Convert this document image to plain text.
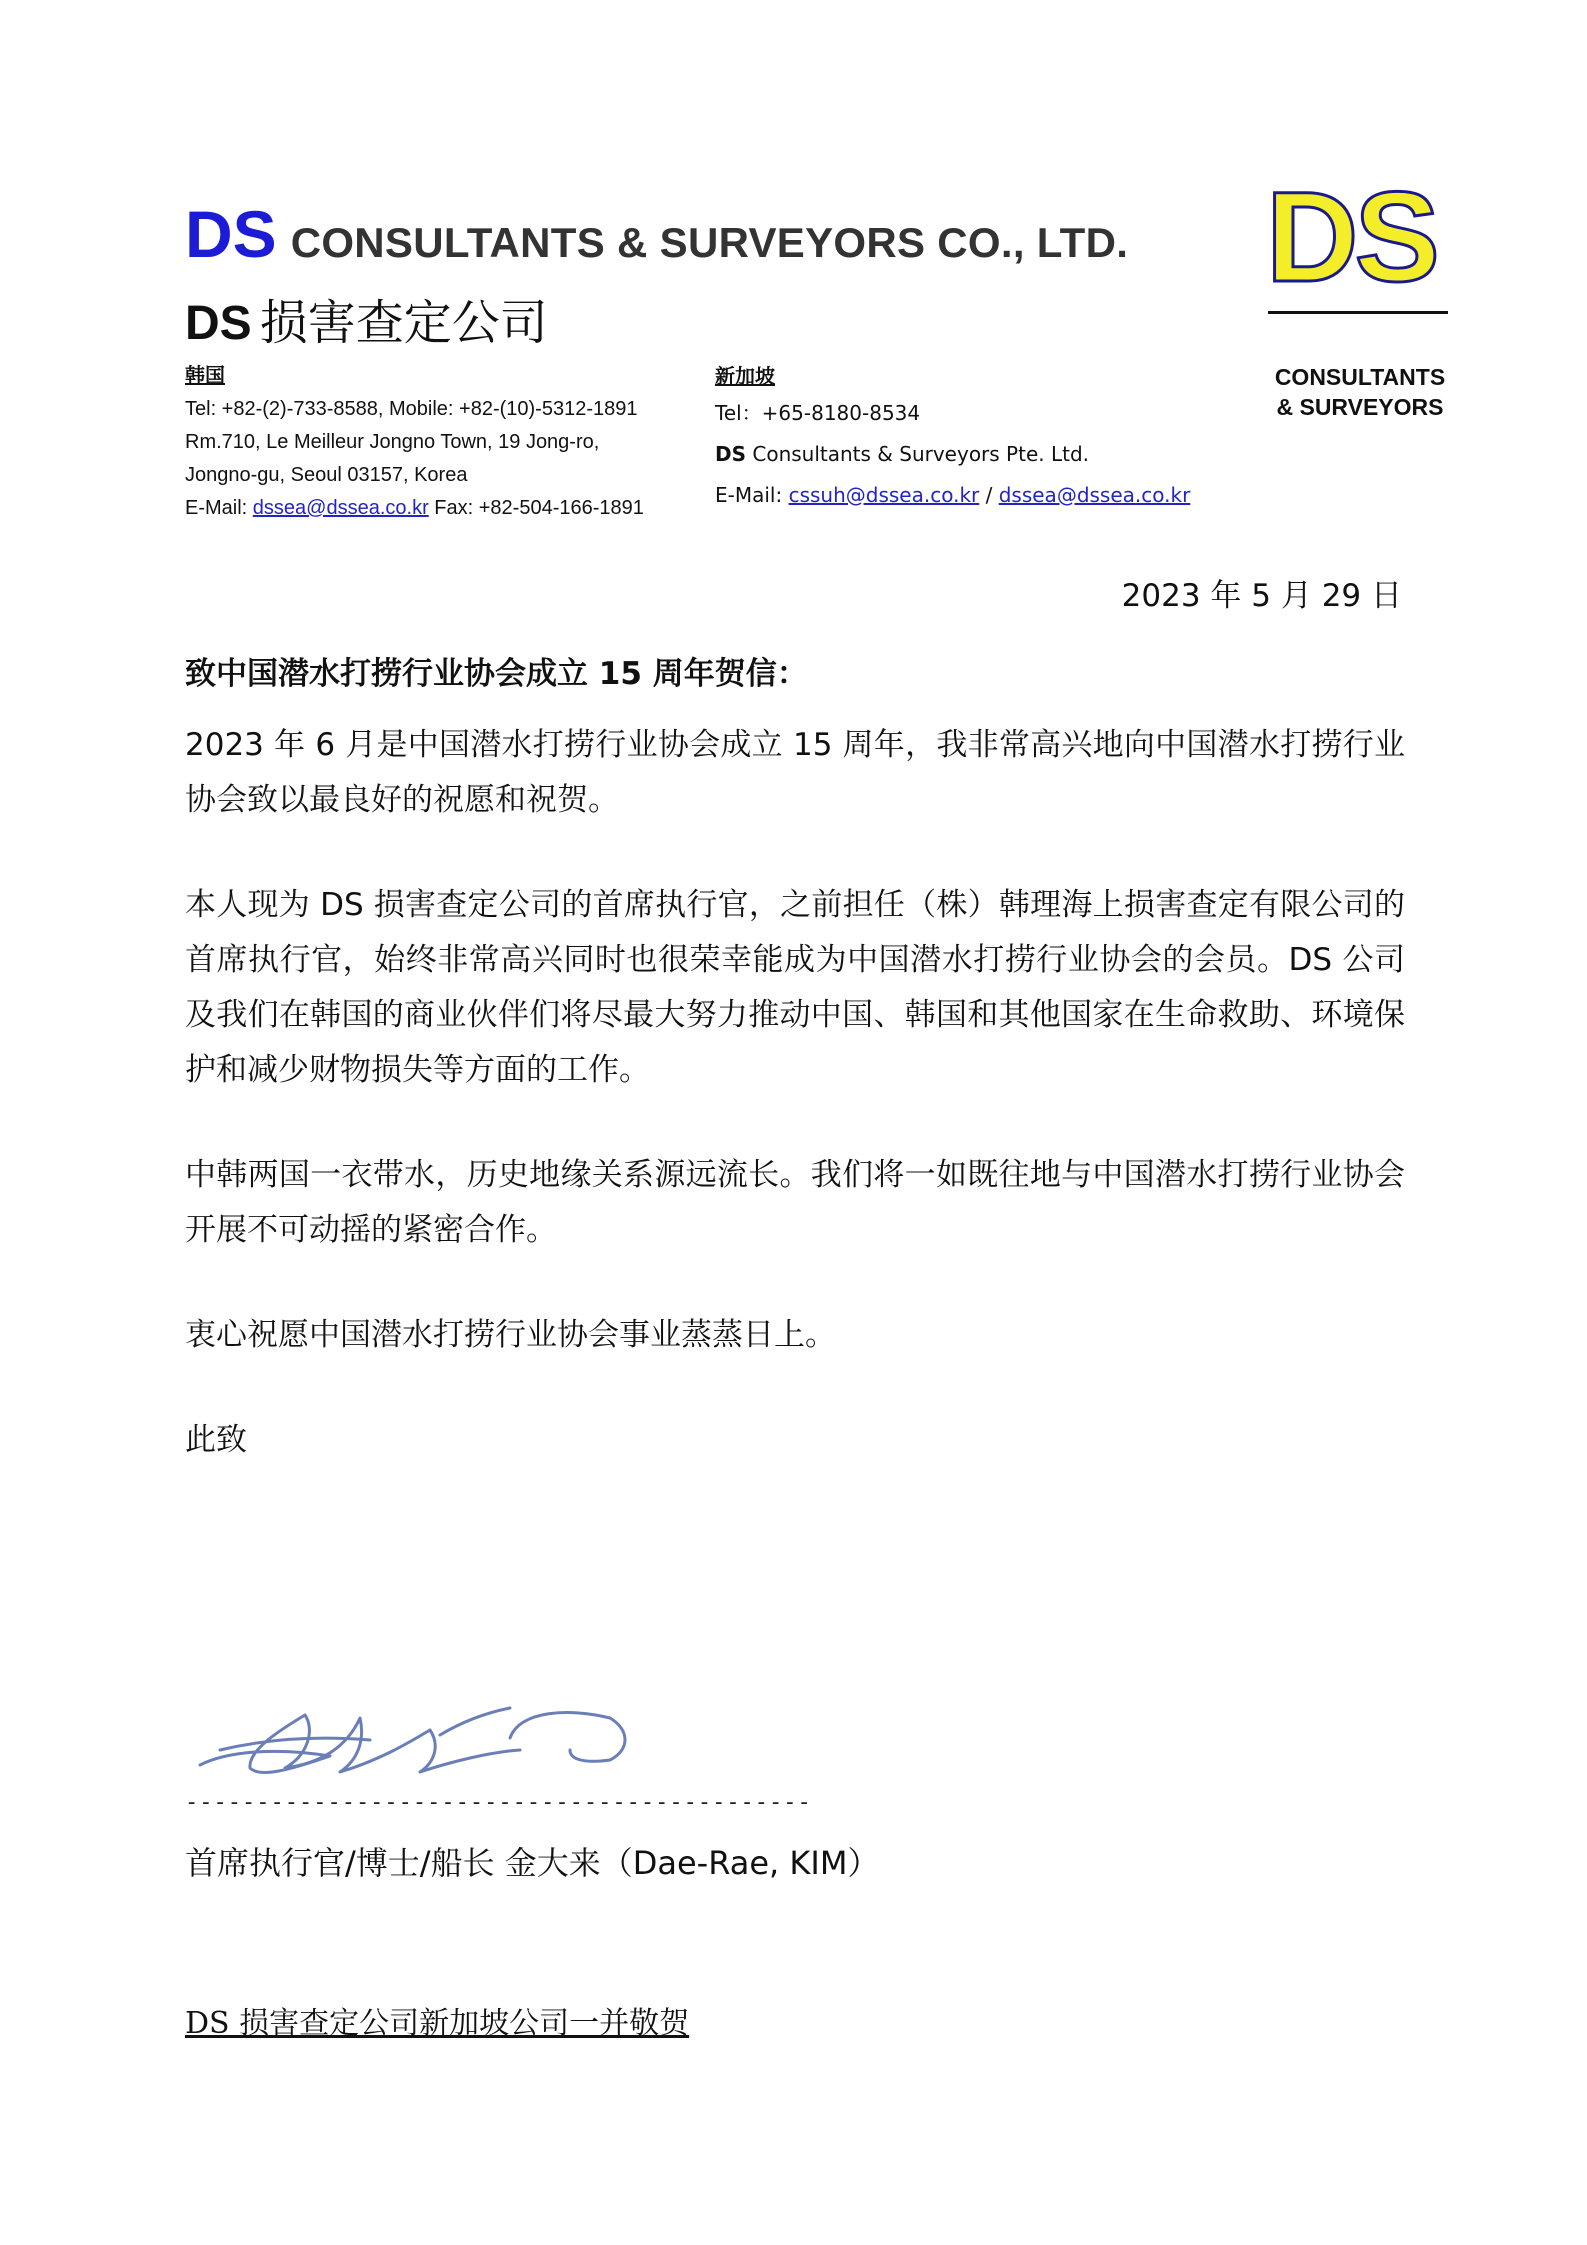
DS CONSULTANTS & SURVEYORS CO., LTD.
DS 损害查定公司
DS
CONSULTANTS
& SURVEYORS
韩国
Tel: +82-(2)-733-8588, Mobile: +82-(10)-5312-1891
Rm.710, Le Meilleur Jongno Town, 19 Jong-ro,
Jongno-gu, Seoul 03157, Korea
E-Mail: dssea@dssea.co.kr Fax: +82-504-166-1891
新加坡
Tel：+65-8180-8534
DS Consultants & Surveyors Pte. Ltd.
E-Mail: cssuh@dssea.co.kr / dssea@dssea.co.kr
2023 年 5 月 29 日
致中国潜水打捞行业协会成立 15 周年贺信：

2023 年 6 月是中国潜水打捞行业协会成立 15 周年，我非常高兴地向中国潜水打捞行业协会致以最良好的祝愿和祝贺。

本人现为 DS 损害查定公司的首席执行官，之前担任（株）韩理海上损害查定有限公司的首席执行官，始终非常高兴同时也很荣幸能成为中国潜水打捞行业协会的会员。DS 公司及我们在韩国的商业伙伴们将尽最大努力推动中国、韩国和其他国家在生命救助、环境保护和减少财物损失等方面的工作。

中韩两国一衣带水，历史地缘关系源远流长。我们将一如既往地与中国潜水打捞行业协会开展不可动摇的紧密合作。

衷心祝愿中国潜水打捞行业协会事业蒸蒸日上。

此致
--------------------------------------------
首席执行官/博士/船长 金大来（Dae-Rae, KIM）
DS 损害查定公司新加坡公司一并敬贺
